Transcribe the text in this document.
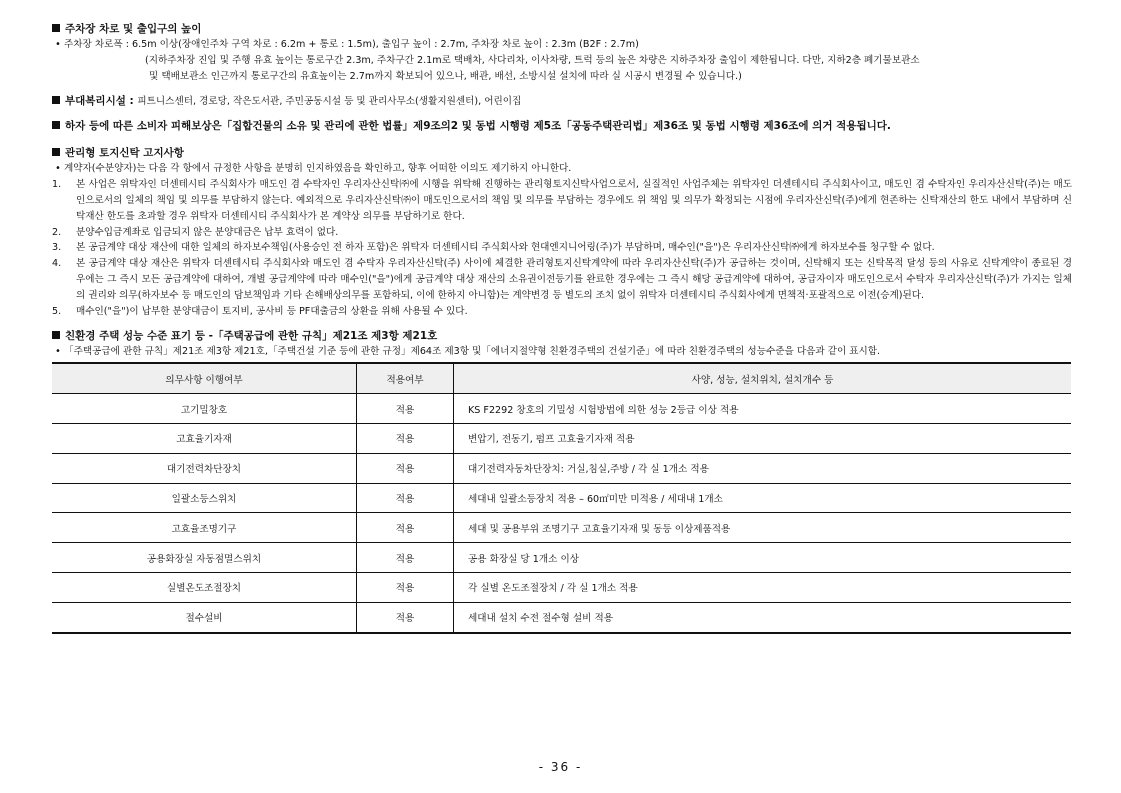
주차장 차로 및 출입구의 높이
• 주차장 차로폭 : 6.5m 이상(장애인주차 구역 차로 : 6.2m + 통로 : 1.5m), 출입구 높이 : 2.7m, 주차장 차로 높이 : 2.3m (B2F : 2.7m)
(지하주차장 진입 및 주행 유효 높이는 통로구간 2.3m, 주차구간 2.1m로 택배차, 사다리차, 이사차량, 트럭 등의 높은 차량은 지하주차장 출입이 제한됩니다. 다만, 지하2층 폐기물보관소
및 택배보관소 인근까지 통로구간의 유효높이는 2.7m까지 확보되어 있으나, 배관, 배선, 소방시설 설치에 따라 실 시공시 변경될 수 있습니다.)
부대복리시설 : 피트니스센터, 경로당, 작은도서관, 주민공동시설 등 및 관리사무소(생활지원센터), 어린이집
하자 등에 따른 소비자 피해보상은「집합건물의 소유 및 관리에 관한 법률」제9조의2 및 동법 시행령 제5조「공동주택관리법」제36조 및 동법 시행령 제36조에 의거 적용됩니다.
관리형 토지신탁 고지사항
• 계약자(수분양자)는 다음 각 항에서 규정한 사항을 분명히 인지하였음을 확인하고, 향후 어떠한 이의도 제기하지 아니한다.
1.	본 사업은 위탁자인 더센테시티 주식회사가 매도인 겸 수탁자인 우리자산신탁㈜에 시행을 위탁해 진행하는 관리형토지신탁사업으로서, 실질적인 사업주체는 위탁자인 더센테시티 주식회사이고, 매도인 겸 수탁자인 우리자산신탁(주)는 매도인으로서의 일체의 책임 및 의무를 부담하지 않는다. 예외적으로 우리자산신탁㈜이 매도인으로서의 책임 및 의무를 부담하는 경우에도 위 책임 및 의무가 확정되는 시점에 우리자산신탁(주)에게 현존하는 신탁재산의 한도 내에서 부담하며 신탁재산 한도를 초과할 경우 위탁자 더센테시티 주식회사가 본 계약상 의무를 부담하기로 한다.
2.	분양수입금계좌로 입금되지 않은 분양대금은 납부 효력이 없다.
3.	본 공급계약 대상 재산에 대한 일체의 하자보수책임(사용승인 전 하자 포함)은 위탁자 더센테시티 주식회사와 현대엔지니어링(주)가 부담하며, 매수인("을")은 우리자산신탁㈜에게 하자보수를 청구할 수 없다.
4.	본 공급계약 대상 재산은 위탁자 더센테시티 주식회사와 매도인 겸 수탁자 우리자산신탁(주) 사이에 체결한 관리형토지신탁계약에 따라 우리자산신탁(주)가 공급하는 것이며, 신탁해지 또는 신탁목적 달성 등의 사유로 신탁계약이 종료된 경우에는 그 즉시 모든 공급계약에 대하여, 개별 공급계약에 따라 매수인("을")에게 공급계약 대상 재산의 소유권이전등기를 완료한 경우에는 그 즉시 해당 공급계약에 대하여, 공급자이자 매도인으로서 수탁자 우리자산신탁(주)가 가지는 일체의 권리와 의무(하자보수 등 매도인의 담보책임과 기타 손해배상의무를 포함하되, 이에 한하지 아니함)는 계약변경 등 별도의 조치 없이 위탁자 더센테시티 주식회사에게 면책적·포괄적으로 이전(승계)된다.
5.	매수인("을")이 납부한 분양대금이 토지비, 공사비 등 PF대출금의 상환을 위해 사용될 수 있다.
친환경 주택 성능 수준 표기 등 -「주택공급에 관한 규칙」제21조 제3항 제21호
• 「주택공급에 관한 규칙」제21조 제3항 제21호,「주택건설 기준 등에 관한 규정」제64조 제3항 및「에너지절약형 친환경주택의 건설기준」에 따라 친환경주택의 성능수준을 다음과 같이 표시함.
의무사항 이행여부	적용여부	사양, 성능, 설치위치, 설치개수 등
고기밀창호	적용	KS F2292 창호의 기밀성 시험방법에 의한 성능 2등급 이상 적용
고효율기자재	적용	변압기, 전동기, 펌프 고효율기자재 적용
대기전력차단장치	적용	대기전력자동차단장치: 거실,침실,주방 / 각 실 1개소 적용
일괄소등스위치	적용	세대내 일괄소등장치 적용 – 60㎡미만 미적용 / 세대내 1개소
고효율조명기구	적용	세대 및 공용부위 조명기구 고효율기자재 및 동등 이상제품적용
공용화장실 자동점멸스위치	적용	공용 화장실 당 1개소 이상
실별온도조절장치	적용	각 실별 온도조절장치 / 각 실 1개소 적용
절수설비	적용	세대내 설치 수전 절수형 설비 적용
- 36 -
